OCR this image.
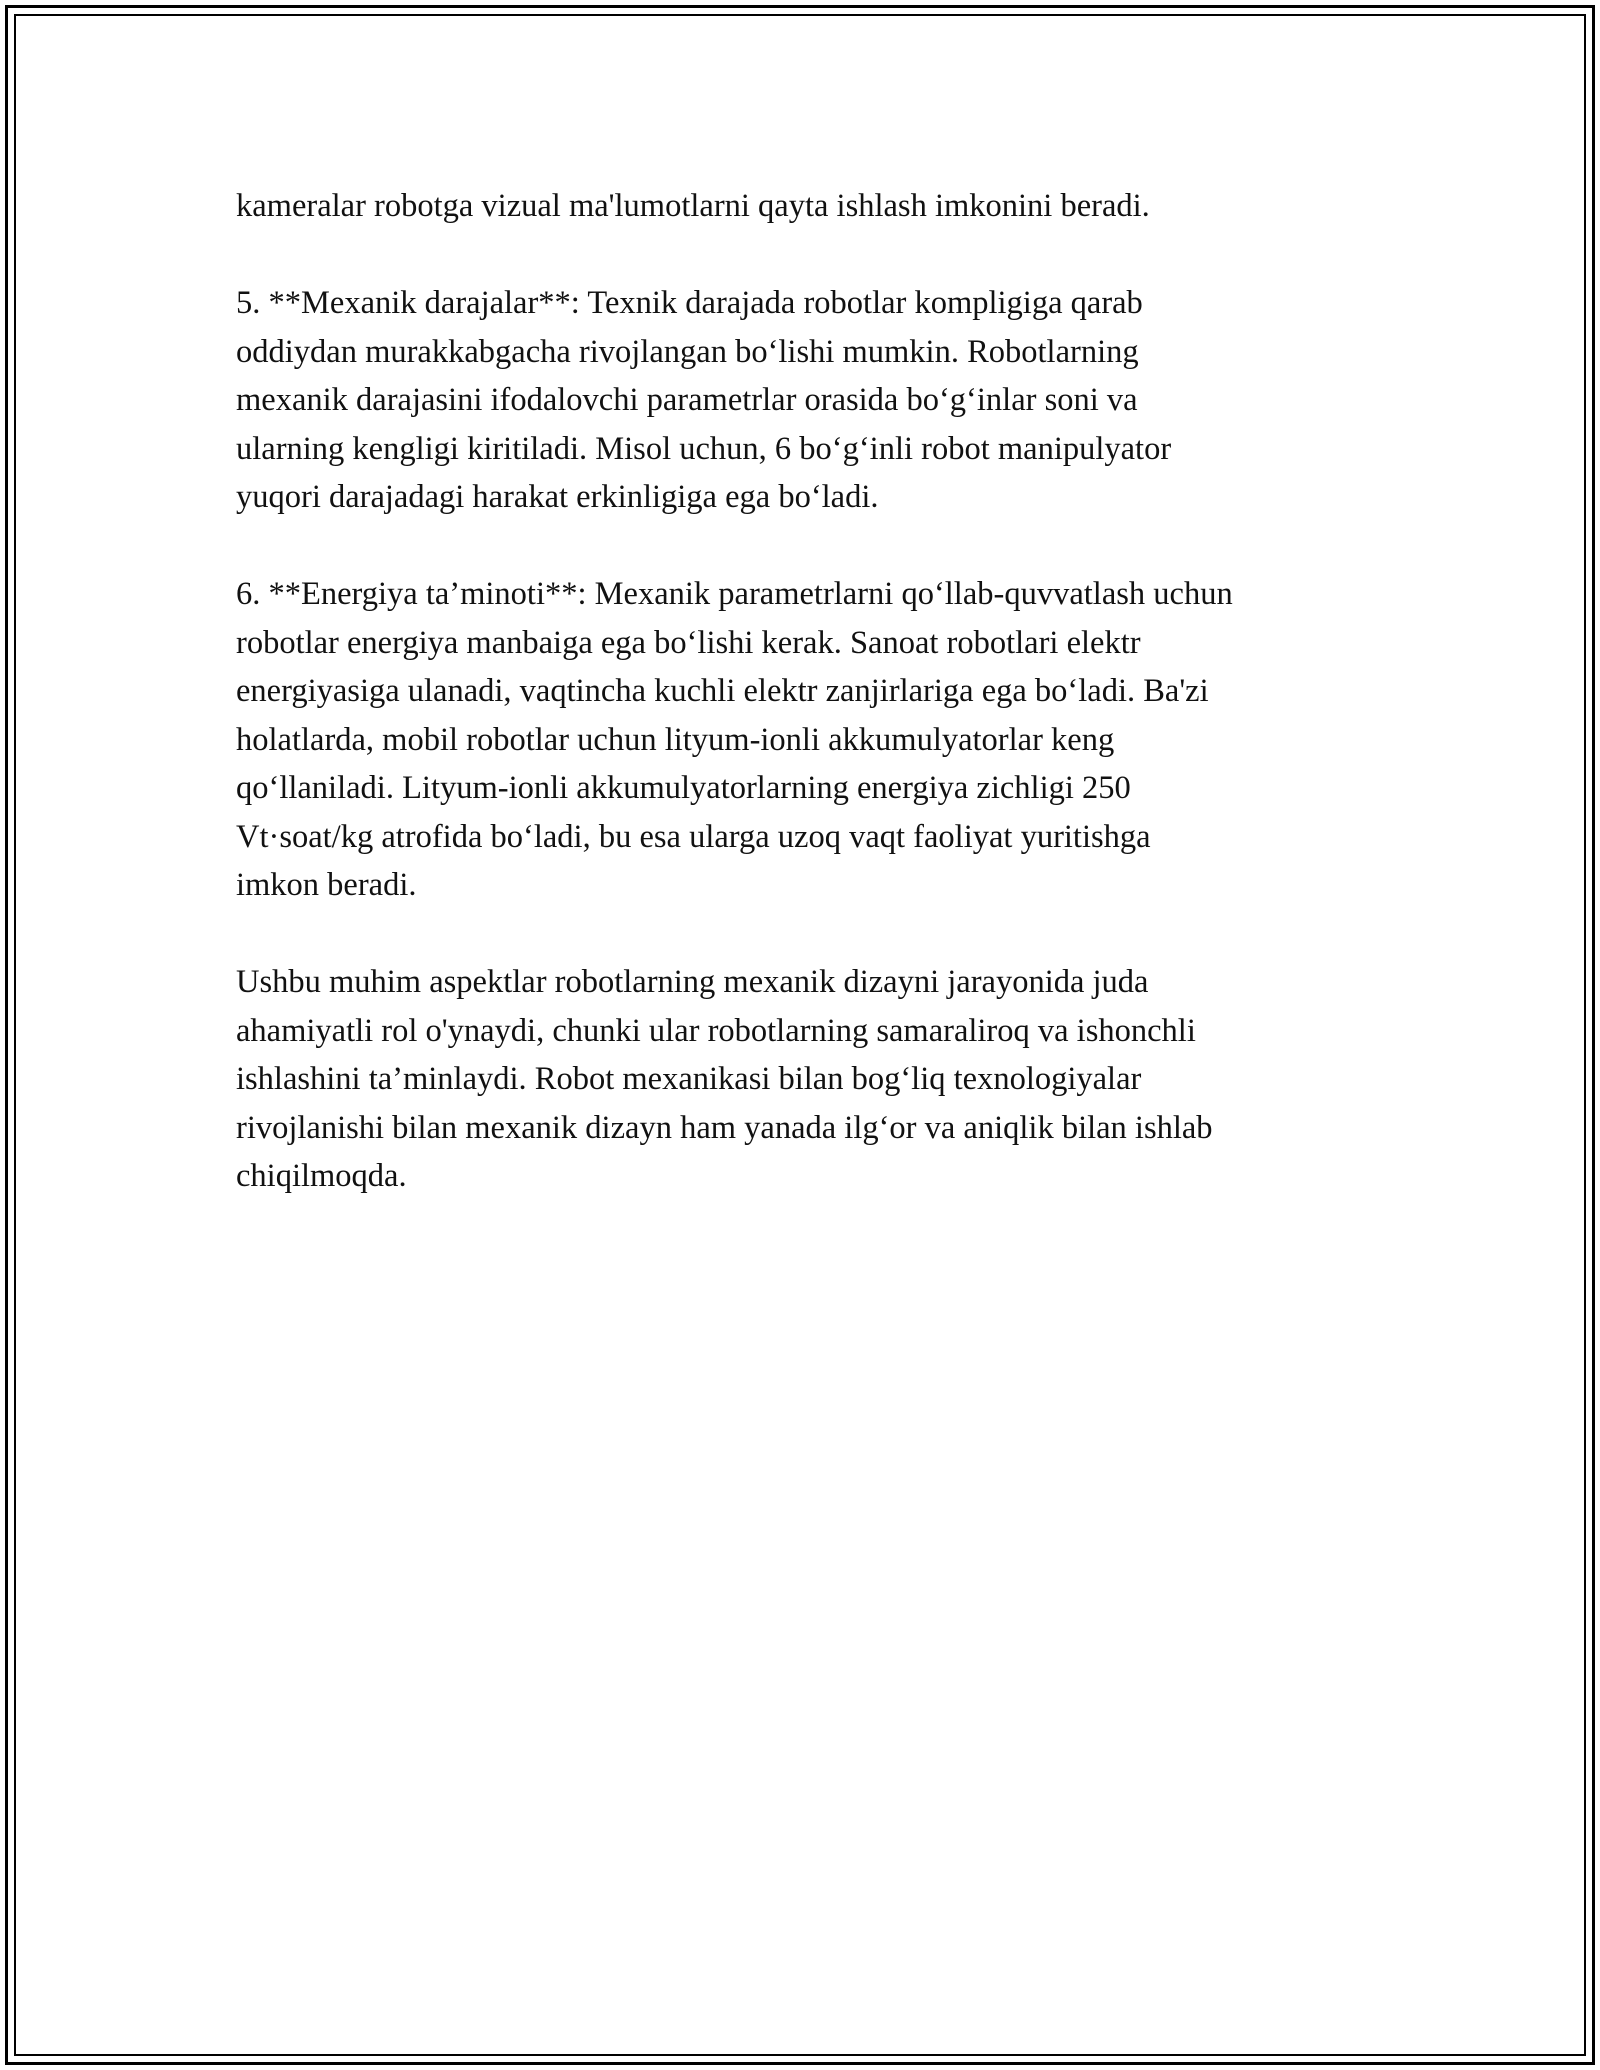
kameralar robotga vizual ma'lumotlarni qayta ishlash imkonini beradi.

5. **Mexanik darajalar**: Texnik darajada robotlar kompligiga qarab
oddiydan murakkabgacha rivojlangan bo‘lishi mumkin. Robotlarning
mexanik darajasini ifodalovchi parametrlar orasida bo‘g‘inlar soni va
ularning kengligi kiritiladi. Misol uchun, 6 bo‘g‘inli robot manipulyator
yuqori darajadagi harakat erkinligiga ega bo‘ladi.

6. **Energiya ta’minoti**: Mexanik parametrlarni qo‘llab-quvvatlash uchun
robotlar energiya manbaiga ega bo‘lishi kerak. Sanoat robotlari elektr
energiyasiga ulanadi, vaqtincha kuchli elektr zanjirlariga ega bo‘ladi. Ba'zi
holatlarda, mobil robotlar uchun lityum-ionli akkumulyatorlar keng
qo‘llaniladi. Lityum-ionli akkumulyatorlarning energiya zichligi 250
Vt·soat/kg atrofida bo‘ladi, bu esa ularga uzoq vaqt faoliyat yuritishga
imkon beradi.

Ushbu muhim aspektlar robotlarning mexanik dizayni jarayonida juda
ahamiyatli rol o'ynaydi, chunki ular robotlarning samaraliroq va ishonchli
ishlashini ta’minlaydi. Robot mexanikasi bilan bog‘liq texnologiyalar
rivojlanishi bilan mexanik dizayn ham yanada ilg‘or va aniqlik bilan ishlab
chiqilmoqda.
